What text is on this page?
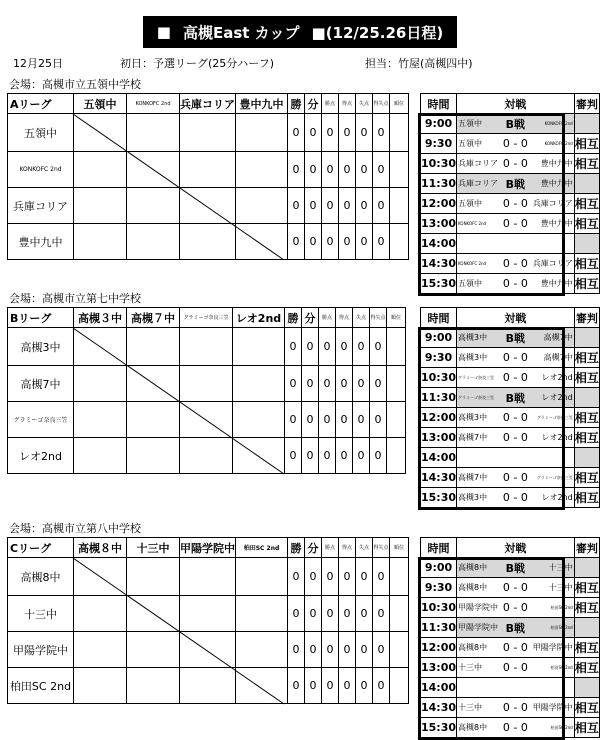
■ 高槻East カップ ■(12/25.26日程)
12月25日	初日：予選リーグ(25分ハーフ)	担当：竹屋(高槻四中)
会場：高槻市立五領中学校
Aリーグ	五領中	KONKOFC 2nd	兵庫コリア	豊中九中	勝	分	勝点	得点	失点	得失点	順位
五領中					0	0	0	0	0	0	
KONKOFC 2nd					0	0	0	0	0	0	
兵庫コリア					0	0	0	0	0	0	
豊中九中					0	0	0	0	0	0	
時間	対戦	審判
9:00	五領中 B戦 KONKOFC 2nd	

9:30	五領中 0 - 0 KONKOFC 2nd	相互
10:30	兵庫コリア 0 - 0 豊中九中	相互
11:30	兵庫コリア B戦 豊中九中	

12:00	五領中 0 - 0 兵庫コリア	相互
13:00	KONKOFC 2nd 0 - 0 豊中九中	相互
14:00	

14:30	KONKOFC 2nd 0 - 0 兵庫コリア	相互
15:30	五領中 0 - 0 豊中九中	相互
会場：高槻市立第七中学校
Bリーグ	高槻３中	高槻７中	グラミーゴ奈良三笠	レオ2nd	勝	分	勝点	得点	失点	得失点	順位
高槻3中					0	0	0	0	0	0	
高槻7中					0	0	0	0	0	0	
グラミーゴ奈良三笠					0	0	0	0	0	0	
レオ2nd					0	0	0	0	0	0	
時間	対戦	審判
9:00	高槻3中 B戦 高槻7中	

9:30	高槻3中 0 - 0 高槻7中	相互
10:30	グラミーゴ奈良三笠 0 - 0 レオ2nd	相互
11:30	グラミーゴ奈良三笠 B戦 レオ2nd	

12:00	高槻3中 0 - 0 グラミーゴ奈良三笠	相互
13:00	高槻7中 0 - 0 レオ2nd	相互
14:00	

14:30	高槻7中 0 - 0 グラミーゴ奈良三笠	相互
15:30	高槻3中 0 - 0 レオ2nd	相互
会場：高槻市立第八中学校
Cリーグ	高槻８中	十三中	甲陽学院中	柏田SC 2nd	勝	分	勝点	得点	失点	得失点	順位
高槻8中					0	0	0	0	0	0	
十三中					0	0	0	0	0	0	
甲陽学院中					0	0	0	0	0	0	
柏田SC 2nd					0	0	0	0	0	0	
時間	対戦	審判
9:00	高槻8中 B戦 十三中	

9:30	高槻8中 0 - 0 十三中	相互
10:30	甲陽学院中 0 - 0 柏田SC 2nd	相互
11:30	甲陽学院中 B戦 柏田SC 2nd	

12:00	高槻8中 0 - 0 甲陽学院中	相互
13:00	十三中 0 - 0 柏田SC 2nd	相互
14:00	

14:30	十三中 0 - 0 甲陽学院中	相互
15:30	高槻8中 0 - 0 柏田SC 2nd	相互
